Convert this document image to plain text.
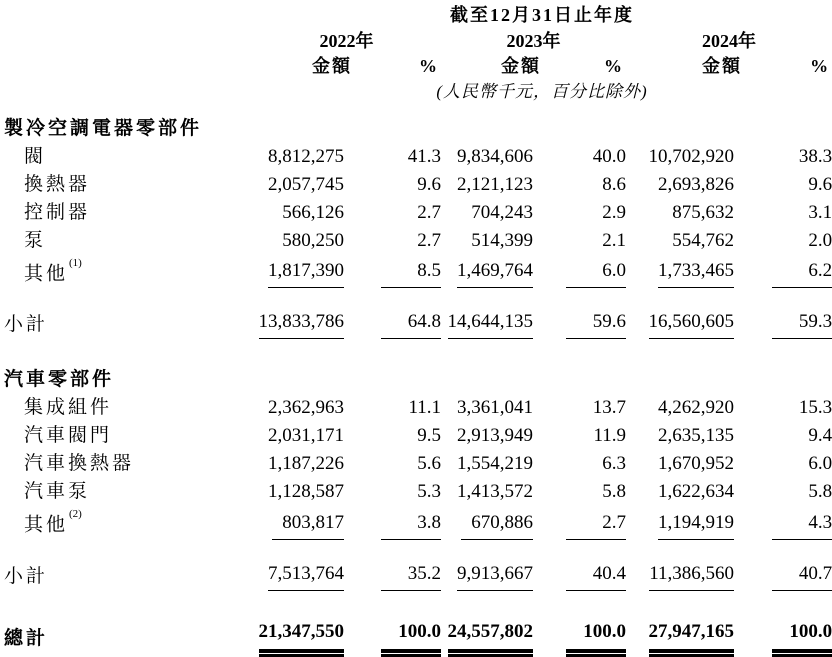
	截至12月31日止年度					
	2022年		2023年		2024年	
	金額	%	金額	%	金額	%
	(人民幣千元，百分比除外)					

製冷空調電器零部件						
閥	8,812,275	41.3	9,834,606	40.0	10,702,920	38.3
換熱器	2,057,745	9.6	2,121,123	8.6	2,693,826	9.6
控制器	566,126	2.7	704,243	2.9	875,632	3.1
泵	580,250	2.7	514,399	2.1	554,762	2.0
其他$^{(1)}$	1,817,390	8.5	1,469,764	6.0	1,733,465	6.2

小計	13,833,786	64.8	14,644,135	59.6	16,560,605	59.3

汽車零部件						
集成組件	2,362,963	11.1	3,361,041	13.7	4,262,920	15.3
汽車閥門	2,031,171	9.5	2,913,949	11.9	2,635,135	9.4
汽車換熱器	1,187,226	5.6	1,554,219	6.3	1,670,952	6.0
汽車泵	1,128,587	5.3	1,413,572	5.8	1,622,634	5.8
其他$^{(2)}$	803,817	3.8	670,886	2.7	1,194,919	4.3

小計	7,513,764	35.2	9,913,667	40.4	11,386,560	40.7

總計	21,347,550	100.0	24,557,802	100.0	27,947,165	100.0
